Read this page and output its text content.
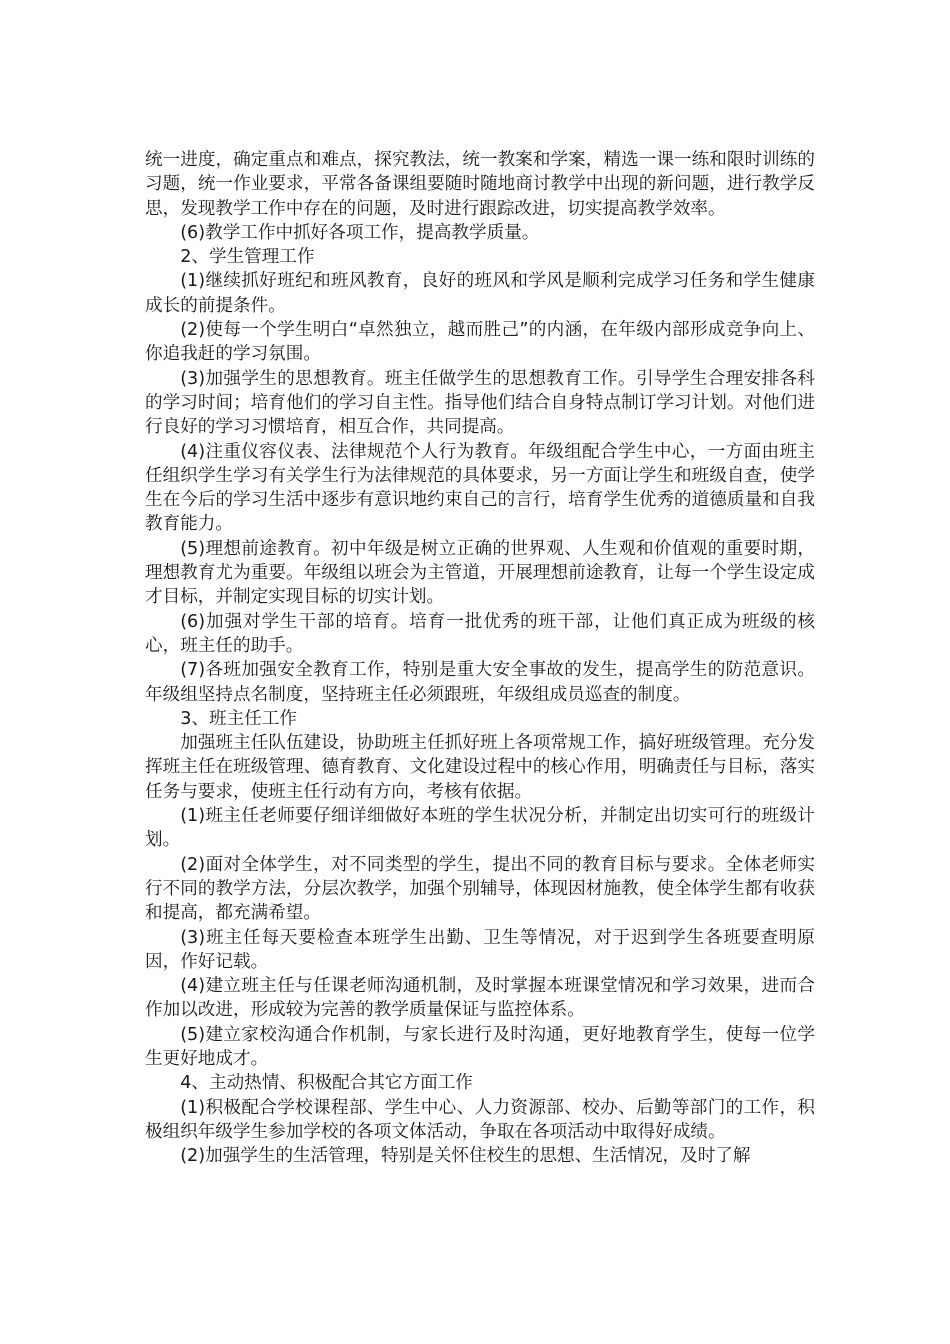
统一进度，确定重点和难点，探究教法，统一教案和学案，精选一课一练和限时训练的习题，统一作业要求，平常各备课组要随时随地商讨教学中出现的新问题，进行教学反思，发现教学工作中存在的问题，及时进行跟踪改进，切实提高教学效率。

(6)教学工作中抓好各项工作，提高教学质量。

2、学生管理工作

(1)继续抓好班纪和班风教育，良好的班风和学风是顺利完成学习任务和学生健康成长的前提条件。

(2)使每一个学生明白“卓然独立，越而胜己”的内涵，在年级内部形成竞争向上、你追我赶的学习氛围。

(3)加强学生的思想教育。班主任做学生的思想教育工作。引导学生合理安排各科的学习时间；培育他们的学习自主性。指导他们结合自身特点制订学习计划。对他们进行良好的学习习惯培育，相互合作，共同提高。

(4)注重仪容仪表、法律规范个人行为教育。年级组配合学生中心，一方面由班主任组织学生学习有关学生行为法律规范的具体要求，另一方面让学生和班级自查，使学生在今后的学习生活中逐步有意识地约束自己的言行，培育学生优秀的道德质量和自我教育能力。

(5)理想前途教育。初中年级是树立正确的世界观、人生观和价值观的重要时期，理想教育尤为重要。年级组以班会为主管道，开展理想前途教育，让每一个学生设定成才目标，并制定实现目标的切实计划。

(6)加强对学生干部的培育。培育一批优秀的班干部，让他们真正成为班级的核心，班主任的助手。

(7)各班加强安全教育工作，特别是重大安全事故的发生，提高学生的防范意识。年级组坚持点名制度，坚持班主任必须跟班，年级组成员巡查的制度。

3、班主任工作

加强班主任队伍建设，协助班主任抓好班上各项常规工作，搞好班级管理。充分发挥班主任在班级管理、德育教育、文化建设过程中的核心作用，明确责任与目标，落实任务与要求，使班主任行动有方向，考核有依据。

(1)班主任老师要仔细详细做好本班的学生状况分析，并制定出切实可行的班级计划。

(2)面对全体学生，对不同类型的学生，提出不同的教育目标与要求。全体老师实行不同的教学方法，分层次教学，加强个别辅导，体现因材施教，使全体学生都有收获和提高，都充满希望。

(3)班主任每天要检查本班学生出勤、卫生等情况，对于迟到学生各班要查明原因，作好记载。

(4)建立班主任与任课老师沟通机制，及时掌握本班课堂情况和学习效果，进而合作加以改进，形成较为完善的教学质量保证与监控体系。

(5)建立家校沟通合作机制，与家长进行及时沟通，更好地教育学生，使每一位学生更好地成才。

4、主动热情、积极配合其它方面工作

(1)积极配合学校课程部、学生中心、人力资源部、校办、后勤等部门的工作，积极组织年级学生参加学校的各项文体活动，争取在各项活动中取得好成绩。

(2)加强学生的生活管理，特别是关怀住校生的思想、生活情况，及时了解
